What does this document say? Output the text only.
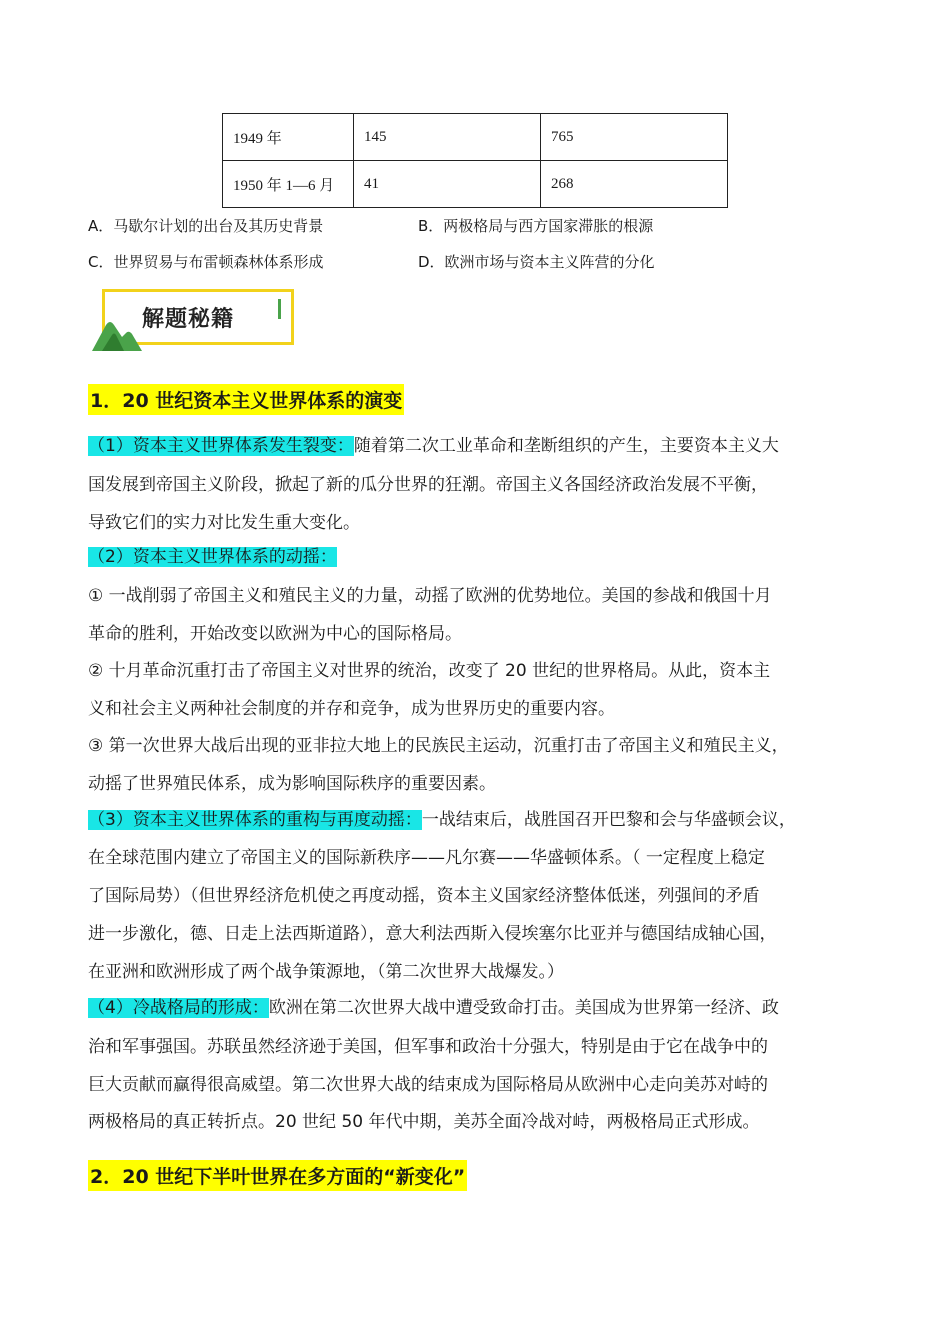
1949 年	145	765
1950 年 1—6 月	41	268
A．马歇尔计划的出台及其历史背景	B．两极格局与西方国家滞胀的根源
C．世界贸易与布雷顿森林体系形成	D．欧洲市场与资本主义阵营的分化
解题秘籍
1．20 世纪资本主义世界体系的演变
（1）资本主义世界体系发生裂变：随着第二次工业革命和垄断组织的产生，主要资本主义大
国发展到帝国主义阶段，掀起了新的瓜分世界的狂潮。帝国主义各国经济政治发展不平衡，
导致它们的实力对比发生重大变化。
（2）资本主义世界体系的动摇：
① 一战削弱了帝国主义和殖民主义的力量，动摇了欧洲的优势地位。美国的参战和俄国十月
革命的胜利，开始改变以欧洲为中心的国际格局。
② 十月革命沉重打击了帝国主义对世界的统治，改变了 20 世纪的世界格局。从此，资本主
义和社会主义两种社会制度的并存和竞争，成为世界历史的重要内容。
③ 第一次世界大战后出现的亚非拉大地上的民族民主运动，沉重打击了帝国主义和殖民主义，
动摇了世界殖民体系，成为影响国际秩序的重要因素。
（3）资本主义世界体系的重构与再度动摇：一战结束后，战胜国召开巴黎和会与华盛顿会议，
在全球范围内建立了帝国主义的国际新秩序——凡尔赛——华盛顿体系。（ 一定程度上稳定
了国际局势）（但世界经济危机使之再度动摇，资本主义国家经济整体低迷，列强间的矛盾
进一步激化，德、日走上法西斯道路），意大利法西斯入侵埃塞尔比亚并与德国结成轴心国，
在亚洲和欧洲形成了两个战争策源地，（第二次世界大战爆发。）
（4）冷战格局的形成：欧洲在第二次世界大战中遭受致命打击。美国成为世界第一经济、政
治和军事强国。苏联虽然经济逊于美国，但军事和政治十分强大，特别是由于它在战争中的
巨大贡献而赢得很高威望。第二次世界大战的结束成为国际格局从欧洲中心走向美苏对峙的
两极格局的真正转折点。20 世纪 50 年代中期，美苏全面冷战对峙，两极格局正式形成。
2．20 世纪下半叶世界在多方面的“新变化”
